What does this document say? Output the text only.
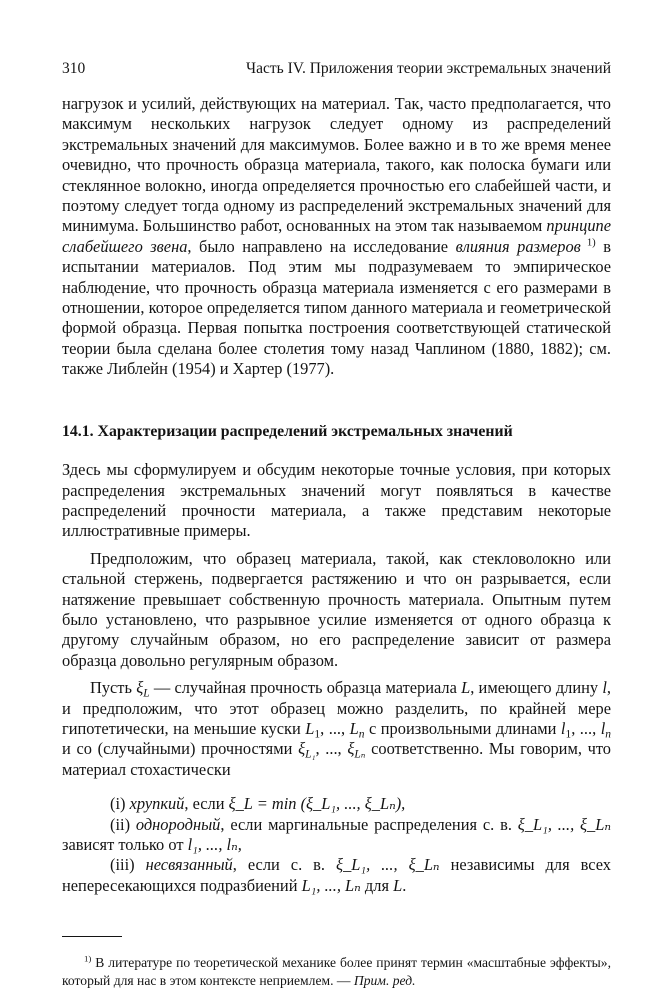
310	Часть IV. Приложения теории экстремальных значений

нагрузок и усилий, действующих на материал. Так, часто предполагается, что максимум нескольких нагрузок следует одному из распределений экстремальных значений для максимумов. Более важно и в то же время менее очевидно, что прочность образца материала, такого, как полоска бумаги или стеклянное волокно, иногда определяется прочностью его слабейшей части, и поэтому следует тогда одному из распределений экстремальных значений для минимума. Большинство работ, основанных на этом так называемом принципе слабейшего звена, было направлено на исследование влияния размеров $^{1)}$ в испытании материалов. Под этим мы подразумеваем то эмпирическое наблюдение, что прочность образца материала изменяется с его размерами в отношении, которое определяется типом данного материала и геометрической формой образца. Первая попытка построения соответствующей статической теории была сделана более столетия тому назад Чаплином (1880, 1882); см. также Либлейн (1954) и Хартер (1977).

14.1. Характеризации распределений экстремальных значений

Здесь мы сформулируем и обсудим некоторые точные условия, при которых распределения экстремальных значений могут появляться в качестве распределений прочности материала, а также представим некоторые иллюстративные примеры.

Предположим, что образец материала, такой, как стекловолокно или стальной стержень, подвергается растяжению и что он разрывается, если натяжение превышает собственную прочность материала. Опытным путем было установлено, что разрывное усилие изменяется от одного образца к другому случайным образом, но его распределение зависит от размера образца довольно регулярным образом.

Пусть $\xi_L$ — случайная прочность образца материала L, имеющего длину l, и предположим, что этот образец можно разделить, по крайней мере гипотетически, на меньшие куски $L_1$, ..., $L_n$ с произвольными длинами $l_1$, ..., $l_n$ и со (случайными) прочностями $\xi_{L_1}$, ..., $\xi_{L_n}$ соответственно. Мы говорим, что материал стохастически

(i) хрупкий, если ξ_L = min (ξ_L₁, ..., ξ_Lₙ),

(ii) однородный, если маргинальные распределения с. в. ξ_L₁, ..., ξ_Lₙ зависят только от l₁, ..., lₙ,

(iii) несвязанный, если с. в. ξ_L₁, ..., ξ_Lₙ независимы для всех непересекающихся подразбиений L₁, ..., Lₙ для L.

$^{1)}$ В литературе по теоретической механике более принят термин «масштабные эффекты», который для нас в этом контексте неприемлем. — Прим. ред.
